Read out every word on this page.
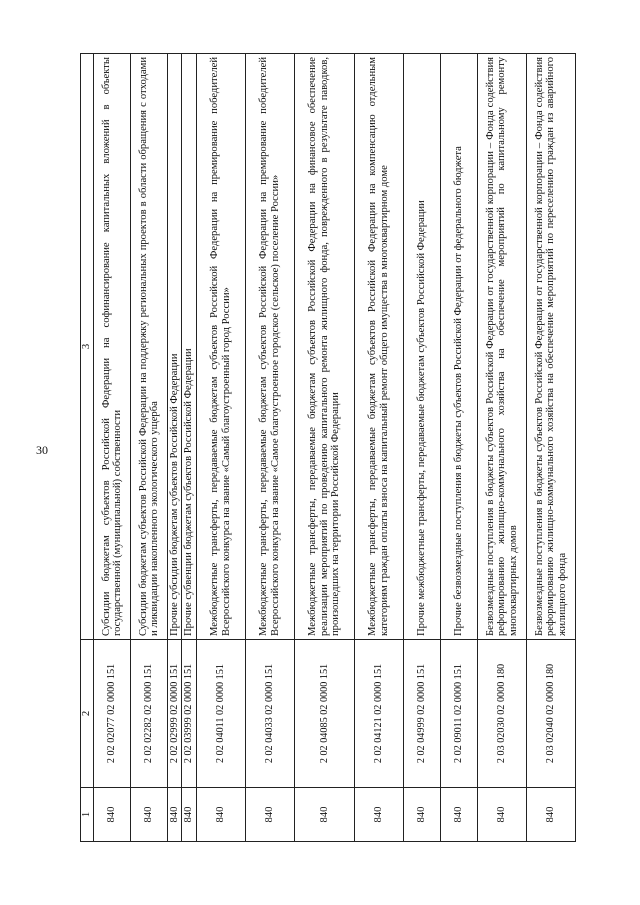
30
1	2	3
840	2 02 02077 02 0000 151	Субсидии бюджетам субъектов Российской Федерации на софинансирование капитальных вложений в объекты государственной (муниципальной) собственности
840	2 02 02282 02 0000 151	Субсидии бюджетам субъектов Российской Федерации на поддержку региональных проектов в области обращения с отходами и ликвидации накопленного экологического ущерба
840	2 02 02999 02 0000 151	Прочие субсидии бюджетам субъектов Российской Федерации
840	2 02 03999 02 0000 151	Прочие субвенции бюджетам субъектов Российской Федерации
840	2 02 04011 02 0000 151	Межбюджетные трансферты, передаваемые бюджетам субъектов Российской Федерации на премирование победителей Всероссийского конкурса на звание «Самый благоустроенный город России»
840	2 02 04033 02 0000 151	Межбюджетные трансферты, передаваемые бюджетам субъектов Российской Федерации на премирование победителей Всероссийского конкурса на звание «Самое благоустроенное городское (сельское) поселение России»
840	2 02 04085 02 0000 151	Межбюджетные трансферты, передаваемые бюджетам субъектов Российской Федерации на финансовое обеспечение реализации мероприятий по проведению капитального ремонта жилищного фонда, поврежденного в результате паводков, произошедших на территории Российской Федерации
840	2 02 04121 02 0000 151	Межбюджетные трансферты, передаваемые бюджетам субъектов Российской Федерации на компенсацию отдельным категориям граждан оплаты взноса на капитальный ремонт общего имущества в многоквартирном доме
840	2 02 04999 02 0000 151	Прочие межбюджетные трансферты, передаваемые бюджетам субъектов Российской Федерации
840	2 02 09011 02 0000 151	Прочие безвозмездные поступления в бюджеты субъектов Российской Федерации от федерального бюджета
840	2 03 02030 02 0000 180	Безвозмездные поступления в бюджеты субъектов Российской Федерации от государственной корпорации – Фонда содействия реформированию жилищно-коммунального хозяйства на обеспечение мероприятий по капитальному ремонту многоквартирных домов
840	2 03 02040 02 0000 180	Безвозмездные поступления в бюджеты субъектов Российской Федерации от государственной корпорации – Фонда содействия реформированию жилищно-коммунального хозяйства на обеспечение мероприятий по переселению граждан из аварийного жилищного фонда
